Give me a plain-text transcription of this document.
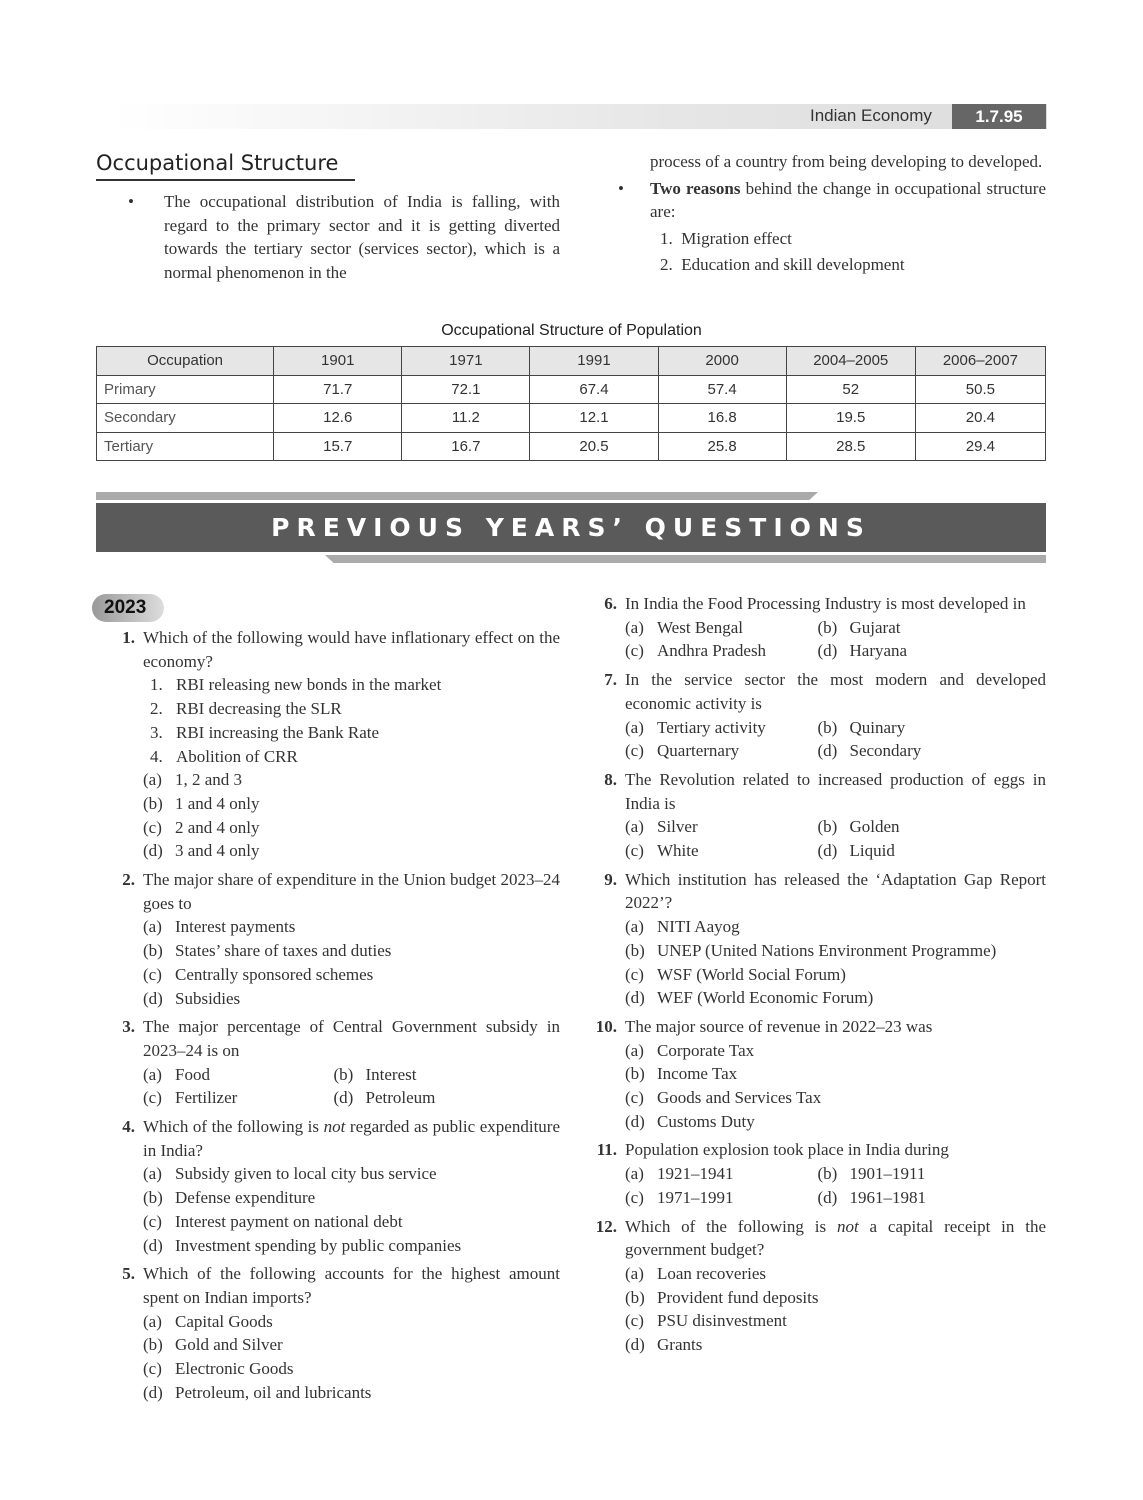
Indian Economy	1.7.95
Occupational Structure
• The occupational distribution of India is falling, with regard to the primary sector and it is getting diverted towards the tertiary sector (services sector), which is a normal phenomenon in the
process of a country from being developing to developed.
• Two reasons behind the change in occupational structure are:
1.  Migration effect
2.  Education and skill development
Occupational Structure of Population
Occupation	1901	1971	1991	2000	2004–2005	2006–2007
Primary	71.7	72.1	67.4	57.4	52	50.5
Secondary	12.6	11.2	12.1	16.8	19.5	20.4
Tertiary	15.7	16.7	20.5	25.8	28.5	29.4
PREVIOUS YEARS’ QUESTIONS
2023
1. Which of the following would have inflationary effect on the economy?
1. RBI releasing new bonds in the market
2. RBI decreasing the SLR
3. RBI increasing the Bank Rate
4. Abolition of CRR
(a) 1, 2 and 3
(b) 1 and 4 only
(c) 2 and 4 only
(d) 3 and 4 only
2. The major share of expenditure in the Union budget 2023–24 goes to
(a) Interest payments
(b) States’ share of taxes and duties
(c) Centrally sponsored schemes
(d) Subsidies
3. The major percentage of Central Government subsidy in 2023–24 is on
(a) Food	(b) Interest
(c) Fertilizer	(d) Petroleum
4. Which of the following is not regarded as public expenditure in India?
(a) Subsidy given to local city bus service
(b) Defense expenditure
(c) Interest payment on national debt
(d) Investment spending by public companies
5. Which of the following accounts for the highest amount spent on Indian imports?
(a) Capital Goods
(b) Gold and Silver
(c) Electronic Goods
(d) Petroleum, oil and lubricants
6. In India the Food Processing Industry is most developed in
(a) West Bengal	(b) Gujarat
(c) Andhra Pradesh	(d) Haryana
7. In the service sector the most modern and developed economic activity is
(a) Tertiary activity	(b) Quinary
(c) Quarternary	(d) Secondary
8. The Revolution related to increased production of eggs in India is
(a) Silver	(b) Golden
(c) White	(d) Liquid
9. Which institution has released the ‘Adaptation Gap Report 2022’?
(a) NITI Aayog
(b) UNEP (United Nations Environment Programme)
(c) WSF (World Social Forum)
(d) WEF (World Economic Forum)
10. The major source of revenue in 2022–23 was
(a) Corporate Tax
(b) Income Tax
(c) Goods and Services Tax
(d) Customs Duty
11. Population explosion took place in India during
(a) 1921–1941	(b) 1901–1911
(c) 1971–1991	(d) 1961–1981
12. Which of the following is not a capital receipt in the government budget?
(a) Loan recoveries
(b) Provident fund deposits
(c) PSU disinvestment
(d) Grants
